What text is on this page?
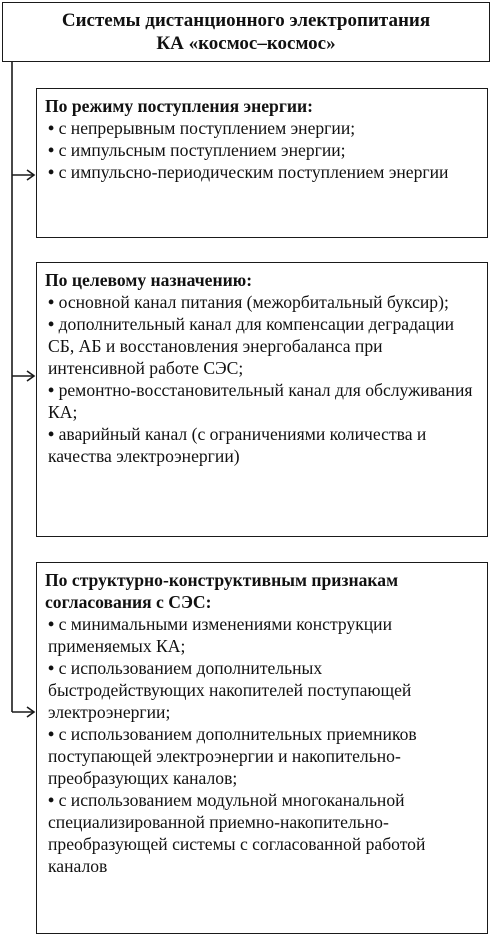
Системы дистанционного электропитания
КА «космос–космос»
По режиму поступления энергии:
• с непрерывным поступлением энергии;
• с импульсным поступлением энергии;
• с импульсно-периодическим поступлением энергии
По целевому назначению:
• основной канал питания (межорбитальный буксир);
• дополнительный канал для компенсации деградации СБ, АБ и восстановления энергобаланса при интенсивной работе СЭС;
• ремонтно-восстановительный канал для обслуживания КА;
• аварийный канал (с ограничениями количества и качества электроэнергии)
По структурно-конструктивным признакам согласования с СЭС:
• с минимальными изменениями конструкции применяемых КА;
• с использованием дополнительных быстродействующих накопителей поступающей электроэнергии;
• с использованием дополнительных приемников поступающей электроэнергии и накопительно-преобразующих каналов;
• с использованием модульной многоканальной специализированной приемно-накопительно-преобразующей системы с согласованной работой каналов
